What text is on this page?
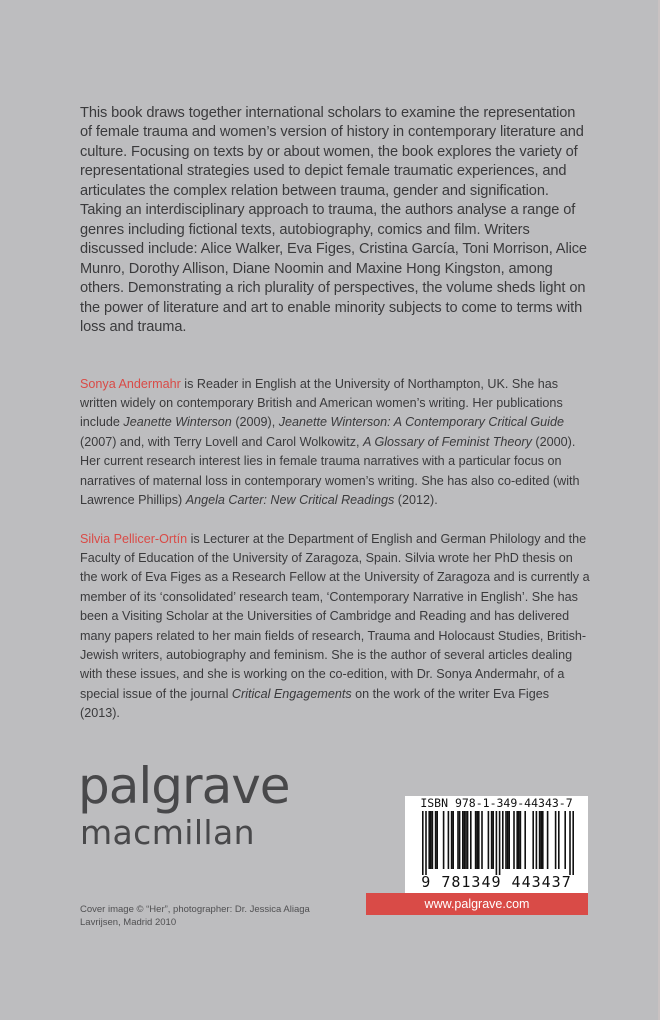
This book draws together international scholars to examine the representation of female trauma and women’s version of history in contemporary literature and culture. Focusing on texts by or about women, the book explores the variety of representational strategies used to depict female traumatic experiences, and articulates the complex relation between trauma, gender and signification. Taking an interdisciplinary approach to trauma, the authors analyse a range of genres including fictional texts, autobiography, comics and film. Writers discussed include: Alice Walker, Eva Figes, Cristina García, Toni Morrison, Alice Munro, Dorothy Allison, Diane Noomin and Maxine Hong Kingston, among others. Demonstrating a rich plurality of perspectives, the volume sheds light on the power of literature and art to enable minority subjects to come to terms with loss and trauma.

Sonya Andermahr is Reader in English at the University of Northampton, UK. She has written widely on contemporary British and American women’s writing. Her publications include Jeanette Winterson (2009), Jeanette Winterson: A Contemporary Critical Guide (2007) and, with Terry Lovell and Carol Wolkowitz, A Glossary of Feminist Theory (2000). Her current research interest lies in female trauma narratives with a particular focus on narratives of maternal loss in contemporary women’s writing. She has also co-edited (with Lawrence Phillips) Angela Carter: New Critical Readings (2012).

Silvia Pellicer-Ortín is Lecturer at the Department of English and German Philology and the Faculty of Education of the University of Zaragoza, Spain. Silvia wrote her PhD thesis on the work of Eva Figes as a Research Fellow at the University of Zaragoza and is currently a member of its ‘consolidated’ research team, ‘Contemporary Narrative in English’. She has been a Visiting Scholar at the Universities of Cambridge and Reading and has delivered many papers related to her main fields of research, Trauma and Holocaust Studies, British-Jewish writers, autobiography and feminism. She is the author of several articles dealing with these issues, and she is working on the co-edition, with Dr. Sonya Andermahr, of a special issue of the journal Critical Engagements on the work of the writer Eva Figes (2013).

palgrave
macmillan

Cover image © “Her”, photographer: Dr. Jessica Aliaga Lavrijsen, Madrid 2010

ISBN 978-1-349-44343-7
9 781349 443437
www.palgrave.com
